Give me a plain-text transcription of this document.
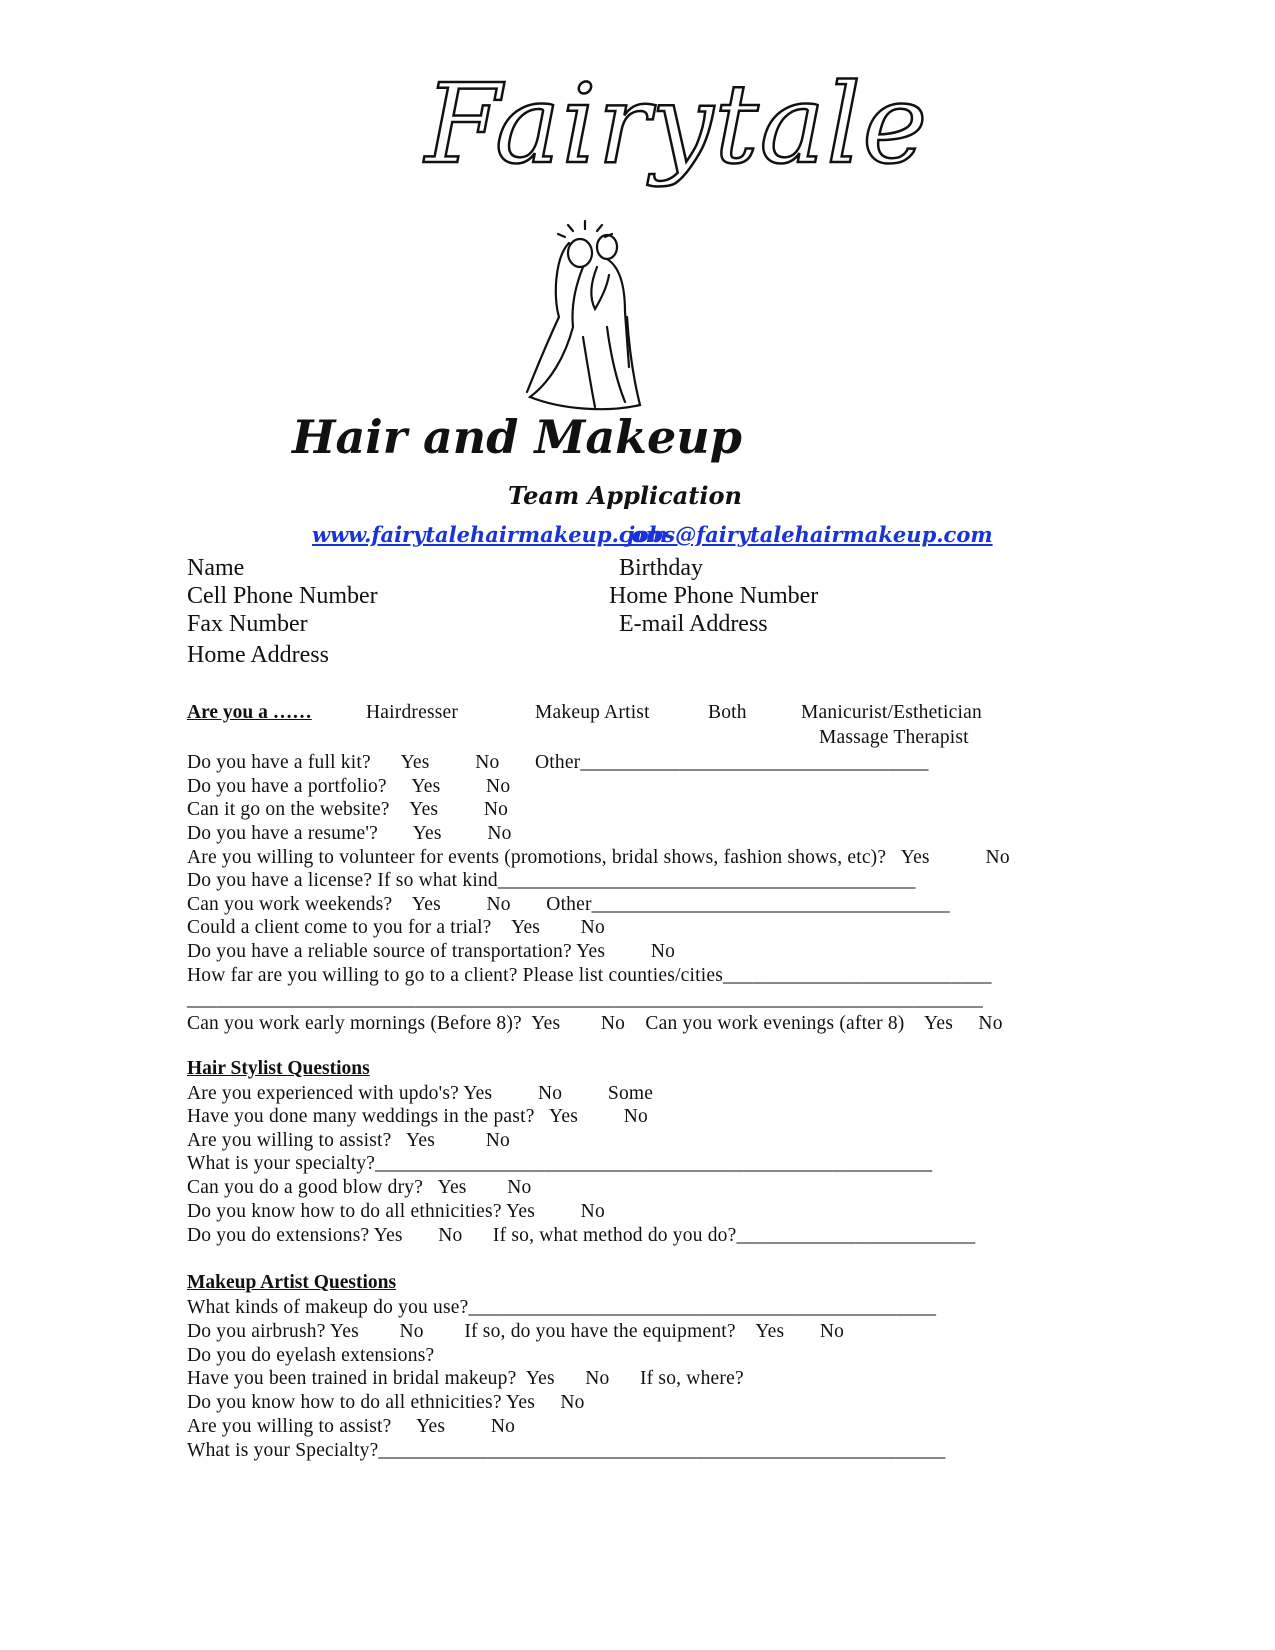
Fairytale

Hair and Makeup
Team Application
www.fairytalehairmakeup.com
jobs@fairytalehairmakeup.com
Name	Birthday
Cell Phone Number	Home Phone Number
Fax Number	E-mail Address
Home Address
Are you a ……	Hairdresser	Makeup Artist	Both	Manicurist/Esthetician
Massage Therapist
Do you have a full kit?      Yes         No       Other___________________________________
Do you have a portfolio?     Yes         No
Can it go on the website?    Yes         No
Do you have a resume'?       Yes         No
Are you willing to volunteer for events (promotions, bridal shows, fashion shows, etc)?   Yes           No
Do you have a license? If so what kind__________________________________________
Can you work weekends?    Yes         No       Other____________________________________
Could a client come to you for a trial?    Yes        No
Do you have a reliable source of transportation? Yes         No
How far are you willing to go to a client? Please list counties/cities___________________________
________________________________________________________________________________
Can you work early mornings (Before 8)?  Yes        No    Can you work evenings (after 8)    Yes     No
Hair Stylist Questions
Are you experienced with updo's? Yes         No         Some
Have you done many weddings in the past?   Yes         No
Are you willing to assist?   Yes          No
What is your specialty?________________________________________________________
Can you do a good blow dry?   Yes        No
Do you know how to do all ethnicities? Yes         No
Do you do extensions? Yes       No      If so, what method do you do?________________________
Makeup Artist Questions
What kinds of makeup do you use?_______________________________________________
Do you airbrush? Yes        No        If so, do you have the equipment?    Yes       No
Do you do eyelash extensions?
Have you been trained in bridal makeup?  Yes      No      If so, where?
Do you know how to do all ethnicities? Yes     No
Are you willing to assist?     Yes         No
What is your Specialty?_________________________________________________________
